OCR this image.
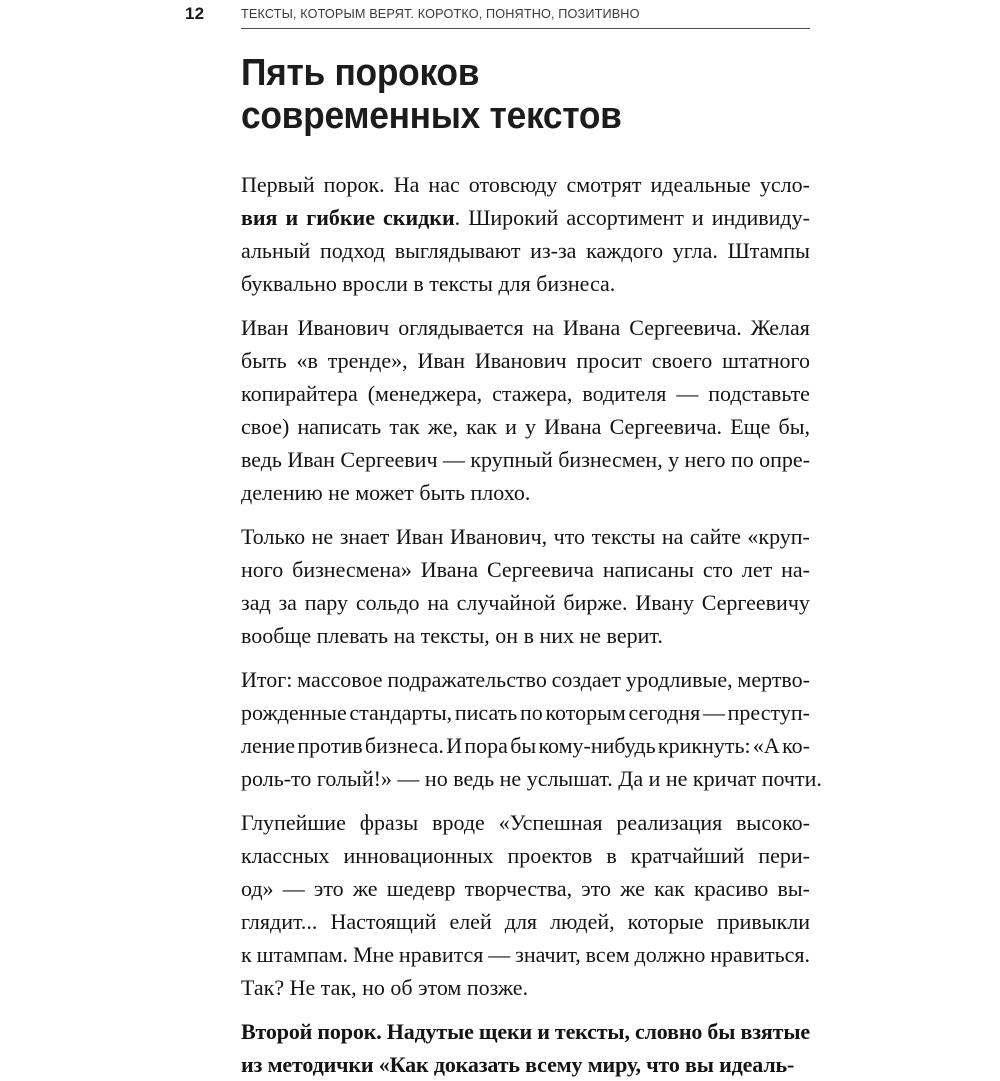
12	ТЕКСТЫ, КОТОРЫМ ВЕРЯТ. КОРОТКО, ПОНЯТНО, ПОЗИТИВНО
Пять пороков
современных текстов

Первый порок. На нас отовсюду смотрят идеальные усло-
вия и гибкие скидки. Широкий ассортимент и индивиду-
альный подход выглядывают из-за каждого угла. Штампы
буквально вросли в тексты для бизнеса.

Иван Иванович оглядывается на Ивана Сергеевича. Желая
быть «в тренде», Иван Иванович просит своего штатного
копирайтера (менеджера, стажера, водителя — подставьте
свое) написать так же, как и у Ивана Сергеевича. Еще бы,
ведь Иван Сергеевич — крупный бизнесмен, у него по опре-
делению не может быть плохо.

Только не знает Иван Иванович, что тексты на сайте «круп-
ного бизнесмена» Ивана Сергеевича написаны сто лет на-
зад за пару сольдо на случайной бирже. Ивану Сергеевичу
вообще плевать на тексты, он в них не верит.

Итог: массовое подражательство создает уродливые, мертво-
рожденные стандарты, писать по которым сегодня — преступ-
ление против бизнеса. И пора бы кому-нибудь крикнуть: «А ко-
роль-то голый!» — но ведь не услышат. Да и не кричат почти.

Глупейшие фразы вроде «Успешная реализация высоко-
классных инновационных проектов в кратчайший пери-
од» — это же шедевр творчества, это же как красиво вы-
глядит... Настоящий елей для людей, которые привыкли
к штампам. Мне нравится — значит, всем должно нравиться.
Так? Не так, но об этом позже.

Второй порок. Надутые щеки и тексты, словно бы взятые
из методички «Как доказать всему миру, что вы идеаль-
